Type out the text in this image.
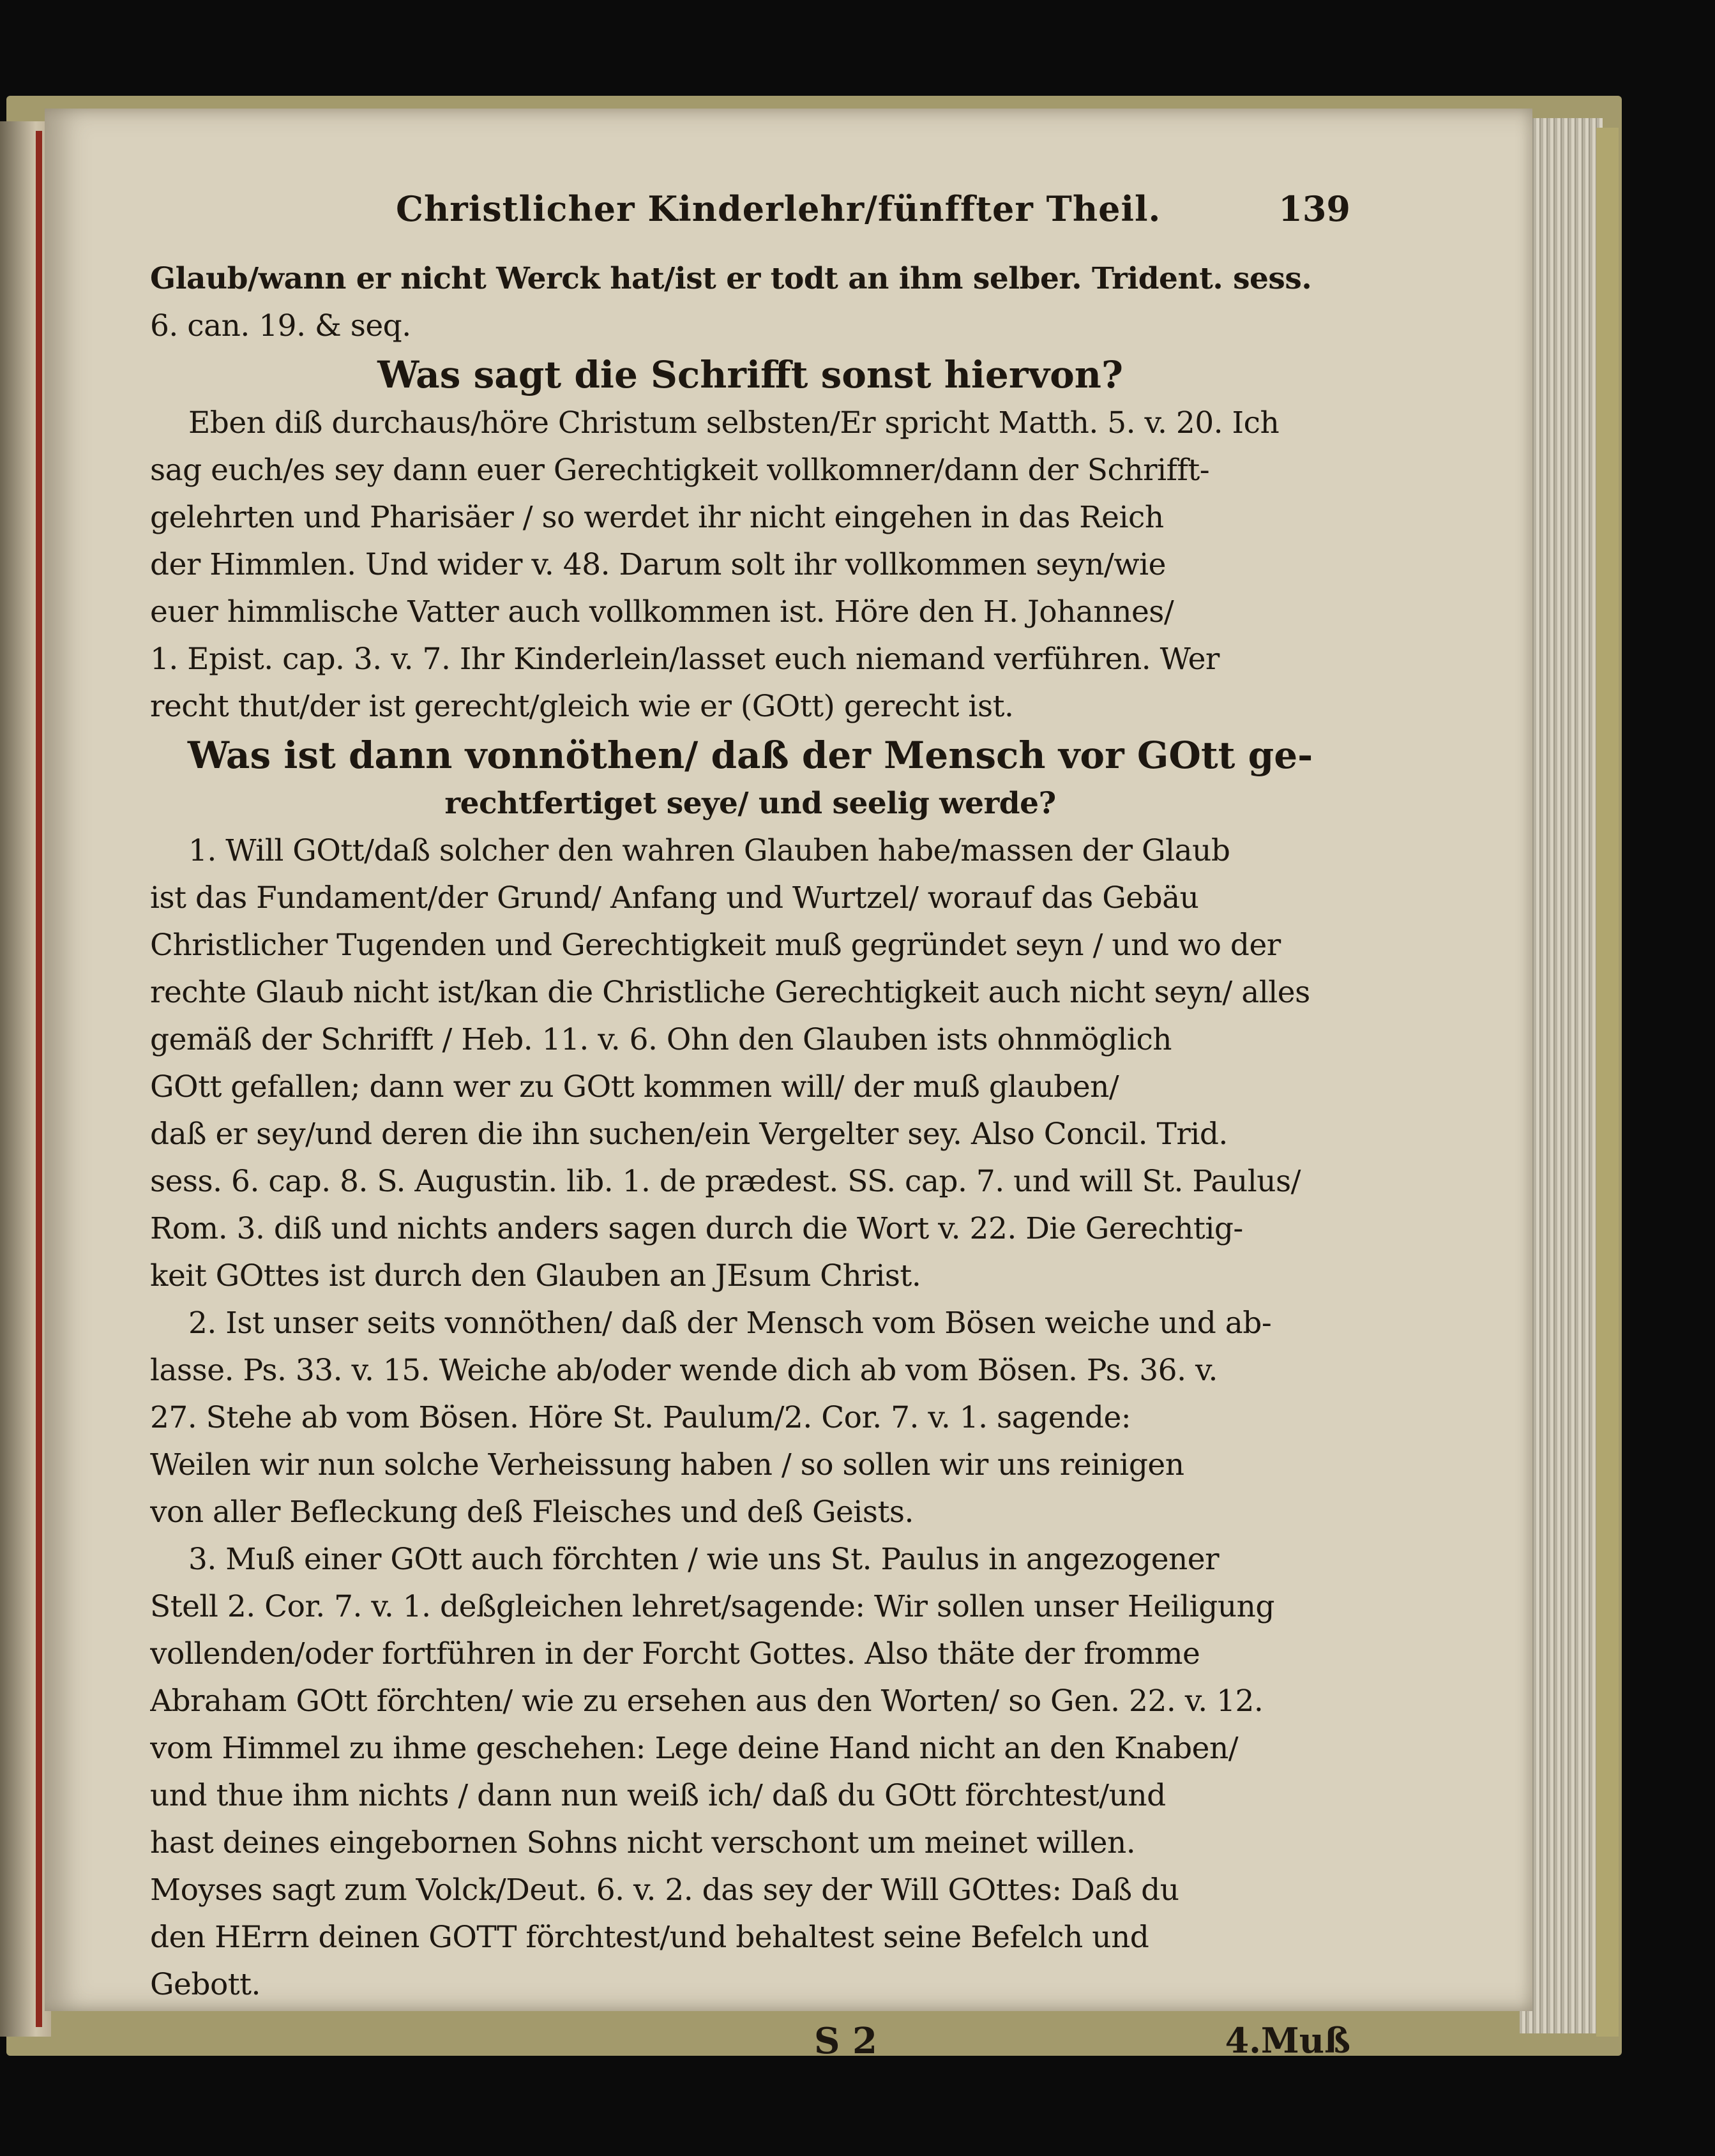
Christlicher Kinderlehr/fünffter Theil.	139
Glaub/wann er nicht Werck hat/ist er todt an ihm selber. Trident. sess.
6. can. 19. & seq.
Was sagt die Schrifft sonst hiervon?
Eben diß durchaus/höre Christum selbsten/Er spricht Matth. 5. v. 20. Ich
sag euch/es sey dann euer Gerechtigkeit vollkomner/dann der Schrifft-
gelehrten und Pharisäer / so werdet ihr nicht eingehen in das Reich
der Himmlen. Und wider v. 48. Darum solt ihr vollkommen seyn/wie
euer himmlische Vatter auch vollkommen ist. Höre den H. Johannes/
1. Epist. cap. 3. v. 7. Ihr Kinderlein/lasset euch niemand verführen. Wer
recht thut/der ist gerecht/gleich wie er (GOtt) gerecht ist.
Was ist dann vonnöthen/ daß der Mensch vor GOtt ge-
rechtfertiget seye/ und seelig werde?
1. Will GOtt/daß solcher den wahren Glauben habe/massen der Glaub
ist das Fundament/der Grund/ Anfang und Wurtzel/ worauf das Gebäu
Christlicher Tugenden und Gerechtigkeit muß gegründet seyn / und wo der
rechte Glaub nicht ist/kan die Christliche Gerechtigkeit auch nicht seyn/ alles
gemäß der Schrifft / Heb. 11. v. 6. Ohn den Glauben ists ohnmöglich
GOtt gefallen; dann wer zu GOtt kommen will/ der muß glauben/
daß er sey/und deren die ihn suchen/ein Vergelter sey. Also Concil. Trid.
sess. 6. cap. 8. S. Augustin. lib. 1. de prædest. SS. cap. 7. und will St. Paulus/
Rom. 3. diß und nichts anders sagen durch die Wort v. 22. Die Gerechtig-
keit GOttes ist durch den Glauben an JEsum Christ.
2. Ist unser seits vonnöthen/ daß der Mensch vom Bösen weiche und ab-
lasse. Ps. 33. v. 15. Weiche ab/oder wende dich ab vom Bösen. Ps. 36. v.
27. Stehe ab vom Bösen. Höre St. Paulum/2. Cor. 7. v. 1. sagende:
Weilen wir nun solche Verheissung haben / so sollen wir uns reinigen
von aller Befleckung deß Fleisches und deß Geists.
3. Muß einer GOtt auch förchten / wie uns St. Paulus in angezogener
Stell 2. Cor. 7. v. 1. deßgleichen lehret/sagende: Wir sollen unser Heiligung
vollenden/oder fortführen in der Forcht Gottes. Also thäte der fromme
Abraham GOtt förchten/ wie zu ersehen aus den Worten/ so Gen. 22. v. 12.
vom Himmel zu ihme geschehen: Lege deine Hand nicht an den Knaben/
und thue ihm nichts / dann nun weiß ich/ daß du GOtt förchtest/und
hast deines eingebornen Sohns nicht verschont um meinet willen.
Moyses sagt zum Volck/Deut. 6. v. 2. das sey der Will GOttes: Daß du
den HErrn deinen GOTT förchtest/und behaltest seine Befelch und
Gebott.
S 2	4.Muß
